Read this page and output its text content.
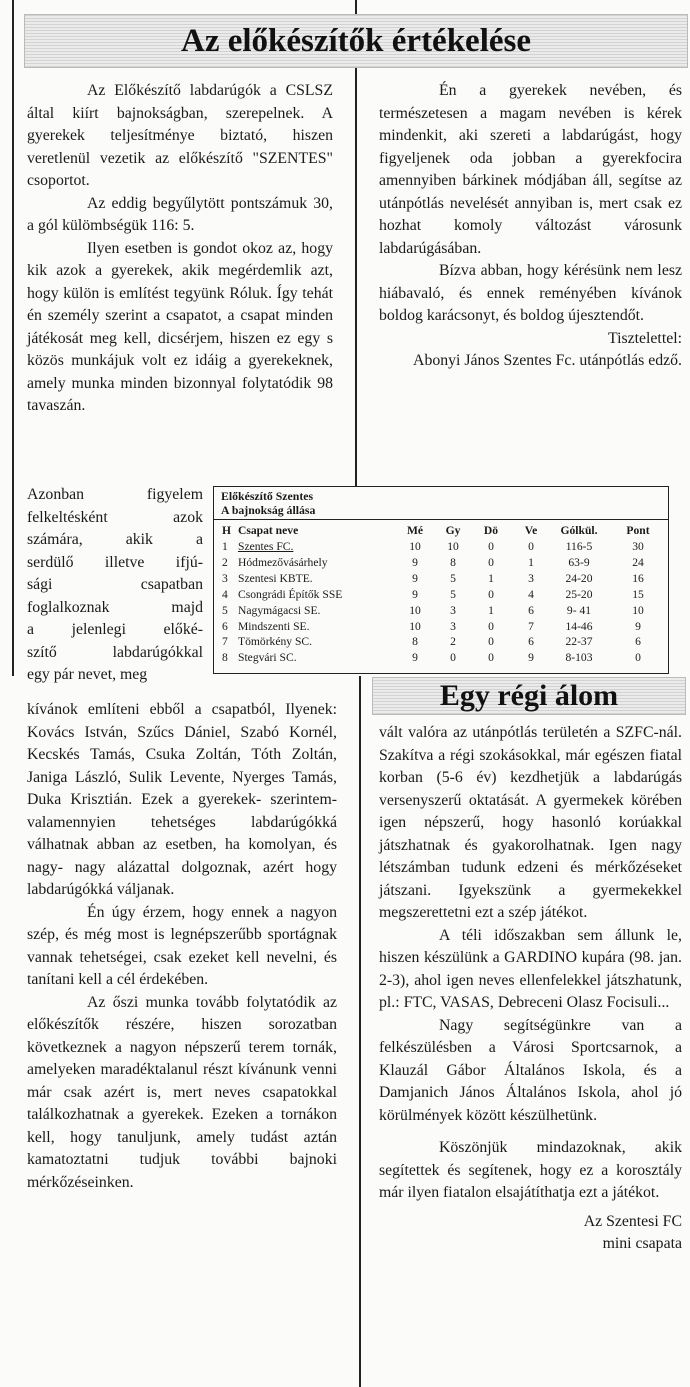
Az előkészítők értékelése

Az Előkészítő labdarúgók a CSLSZ által kiírt bajnokságban, szerepelnek. A gyerekek teljesítménye biztató, hiszen veretlenül vezetik az előkészítő "SZENTES" csoportot.

Az eddig begyűlytött pontszámuk 30, a gól külömbségük 116: 5.

Ilyen esetben is gondot okoz az, hogy kik azok a gyerekek, akik megérdemlik azt, hogy külön is említést tegyünk Róluk. Így tehát én személy szerint a csapatot, a csapat minden játékosát meg kell, dicsérjem, hiszen ez egy s közös munkájuk volt ez idáig a gyerekeknek, amely munka minden bizonnyal folytatódik 98 tavaszán.

Azonban figyelem

felkeltésként azok

számára, akik a

serdülő illetve ifjú-

sági csapatban

foglalkoznak majd

a jelenlegi előké-

szítő labdarúgókkal

egy pár nevet, meg

kívánok említeni ebből a csapatból, Ilyenek: Kovács István, Szűcs Dániel, Szabó Kornél, Kecskés Tamás, Csuka Zoltán, Tóth Zoltán, Janiga László, Sulik Levente, Nyerges Tamás, Duka Krisztián. Ezek a gyerekek- szerintem- valamennyien tehetséges labdarúgókká válhatnak abban az esetben, ha komolyan, és nagy- nagy alázattal dolgoznak, azért hogy labdarúgókká váljanak.

Én úgy érzem, hogy ennek a nagyon szép, és még most is legnépszerűbb sportágnak vannak tehetségei, csak ezeket kell nevelni, és tanítani kell a cél érdekében.

Az őszi munka tovább folytatódik az előkészítők részére, hiszen sorozatban következnek a nagyon népszerű terem tornák, amelyeken maradéktalanul részt kívánunk venni már csak azért is, mert neves csapatokkal találkozhatnak a gyerekek. Ezeken a tornákon kell, hogy tanuljunk, amely tudást aztán kamatoztatni tudjuk további bajnoki mérkőzéseinken.

Én a gyerekek nevében, és természetesen a magam nevében is kérek mindenkit, aki szereti a labdarúgást, hogy figyeljenek oda jobban a gyerekfocira amennyiben bárkinek módjában áll, segítse az utánpótlás nevelését annyiban is, mert csak ez hozhat komoly változást városunk labdarúgásában.

Bízva abban, hogy kérésünk nem lesz hiábavaló, és ennek reményében kívánok boldog karácsonyt, és boldog újesztendőt.

Tisztelettel:

Abonyi János Szentes Fc. utánpótlás edző.

Előkészítő Szentes
A bajnokság állása
H Csapat neve	Mé	Gy	Dö	Ve	Gólkül.	Pont
1 Szentes FC.	10	10	0	0	116-5	30
2 Hódmezővásárhely	9	8	0	1	63-9	24
3 Szentesi KBTE.	9	5	1	3	24-20	16
4 Csongrádi Építők SSE	9	5	0	4	25-20	15
5 Nagymágacsi SE.	10	3	1	6	9- 41	10
6 Mindszenti SE.	10	3	0	7	14-46	9
7 Tömörkény SC.	8	2	0	6	22-37	6
8 Stegvári SC.	9	0	0	9	8-103	0
Egy régi álom

vált valóra az utánpótlás területén a SZFC-nál. Szakítva a régi szokásokkal, már egészen fiatal korban (5-6 év) kezdhetjük a labdarúgás versenyszerű oktatását. A gyermekek körében igen népszerű, hogy hasonló korúakkal játszhatnak és gyakorolhatnak. Igen nagy létszámban tudunk edzeni és mérkőzéseket játszani. Igyekszünk a gyermekekkel megszerettetni ezt a szép játékot.

A téli időszakban sem állunk le, hiszen készülünk a GARDINO kupára (98. jan. 2-3), ahol igen neves ellenfelekkel játszhatunk, pl.: FTC, VASAS, Debreceni Olasz Focisuli...

Nagy segítségünkre van a felkészülésben a Városi Sportcsarnok, a Klauzál Gábor Általános Iskola, és a Damjanich János Általános Iskola, ahol jó körülmények között készülhetünk.

Köszönjük mindazoknak, akik segítettek és segítenek, hogy ez a korosztály már ilyen fiatalon elsajátíthatja ezt a játékot.

Az Szentesi FC

mini csapata
